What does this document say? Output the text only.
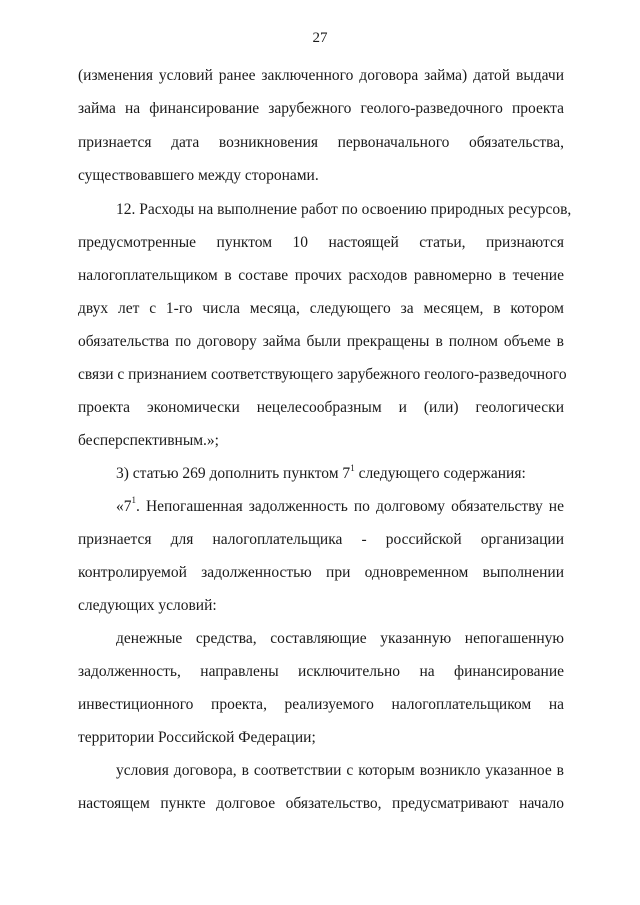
27
(изменения условий ранее заключенного договора займа) датой выдачи
займа на финансирование зарубежного геолого-разведочного проекта
признается дата возникновения первоначального обязательства,
существовавшего между сторонами.
12. Расходы на выполнение работ по освоению природных ресурсов,
предусмотренные пунктом 10 настоящей статьи, признаются
налогоплательщиком в составе прочих расходов равномерно в течение
двух лет с 1-го числа месяца, следующего за месяцем, в котором
обязательства по договору займа были прекращены в полном объеме в
связи с признанием соответствующего зарубежного геолого-разведочного
проекта экономически нецелесообразным и (или) геологически
бесперспективным.»;
3) статью 269 дополнить пунктом $7^1$ следующего содержания:
«$7^1$ . Непогашенная задолженность по долговому обязательству не
признается для налогоплательщика - российской организации
контролируемой задолженностью при одновременном выполнении
следующих условий:
денежные средства, составляющие указанную непогашенную
задолженность, направлены исключительно на финансирование
инвестиционного проекта, реализуемого налогоплательщиком на
территории Российской Федерации;
условия договора, в соответствии с которым возникло указанное в
настоящем пункте долговое обязательство, предусматривают начало
